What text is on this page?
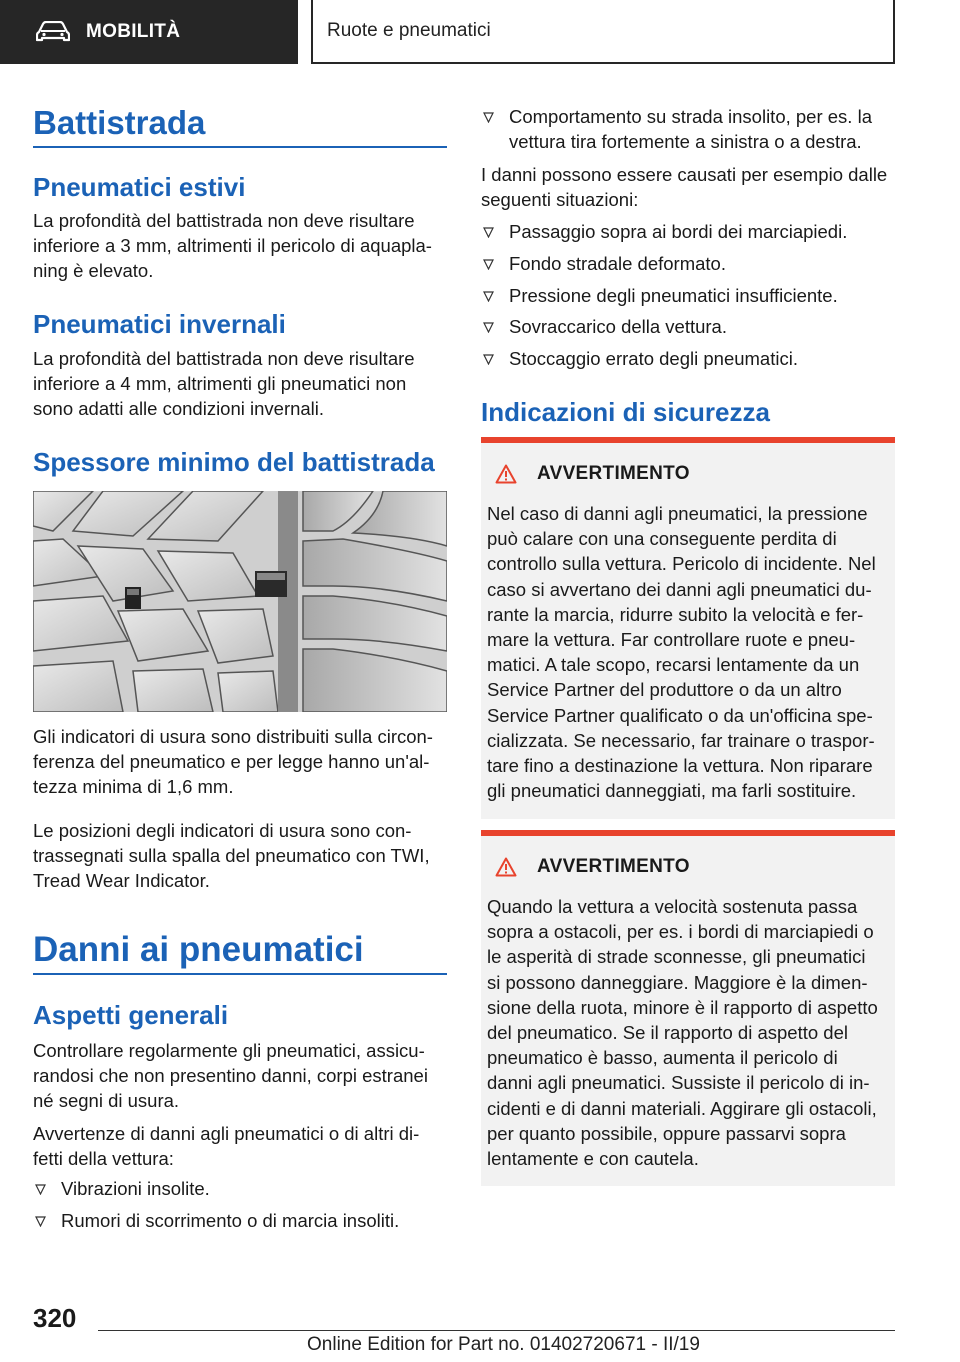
MOBILITÀ	Ruote e pneumatici
Battistrada
Pneumatici estivi
La profondità del battistrada non deve risultare
inferiore a 3 mm, altrimenti il pericolo di aquapla‐
ning è elevato.
Pneumatici invernali
La profondità del battistrada non deve risultare
inferiore a 4 mm, altrimenti gli pneumatici non
sono adatti alle condizioni invernali.
Spessore minimo del battistrada
Gli indicatori di usura sono distribuiti sulla circon‐
ferenza del pneumatico e per legge hanno un'al‐
tezza minima di 1,6 mm.
Le posizioni degli indicatori di usura sono con‐
trassegnati sulla spalla del pneumatico con TWI,
Tread Wear Indicator.
Danni ai pneumatici
Aspetti generali
Controllare regolarmente gli pneumatici, assicu‐
randosi che non presentino danni, corpi estranei
né segni di usura.
Avvertenze di danni agli pneumatici o di altri di‐
fetti della vettura:
Vibrazioni insolite.
Rumori di scorrimento o di marcia insoliti.
Comportamento su strada insolito, per es. la
vettura tira fortemente a sinistra o a destra.
I danni possono essere causati per esempio dalle
seguenti situazioni:
Passaggio sopra ai bordi dei marciapiedi.
Fondo stradale deformato.
Pressione degli pneumatici insufficiente.
Sovraccarico della vettura.
Stoccaggio errato degli pneumatici.
Indicazioni di sicurezza
AVVERTIMENTO
Nel caso di danni agli pneumatici, la pressione
può calare con una conseguente perdita di
controllo sulla vettura. Pericolo di incidente. Nel
caso si avvertano dei danni agli pneumatici du‐
rante la marcia, ridurre subito la velocità e fer‐
mare la vettura. Far controllare ruote e pneu‐
matici. A tale scopo, recarsi lentamente da un
Service Partner del produttore o da un altro
Service Partner qualificato o da un'officina spe‐
cializzata. Se necessario, far trainare o traspor‐
tare fino a destinazione la vettura. Non riparare
gli pneumatici danneggiati, ma farli sostituire.
AVVERTIMENTO
Quando la vettura a velocità sostenuta passa
sopra a ostacoli, per es. i bordi di marciapiedi o
le asperità di strade sconnesse, gli pneumatici
si possono danneggiare. Maggiore è la dimen‐
sione della ruota, minore è il rapporto di aspetto
del pneumatico. Se il rapporto di aspetto del
pneumatico è basso, aumenta il pericolo di
danni agli pneumatici. Sussiste il pericolo di in‐
cidenti e di danni materiali. Aggirare gli ostacoli,
per quanto possibile, oppure passarvi sopra
lentamente e con cautela.
320
Online Edition for Part no. 01402720671 - II/19
